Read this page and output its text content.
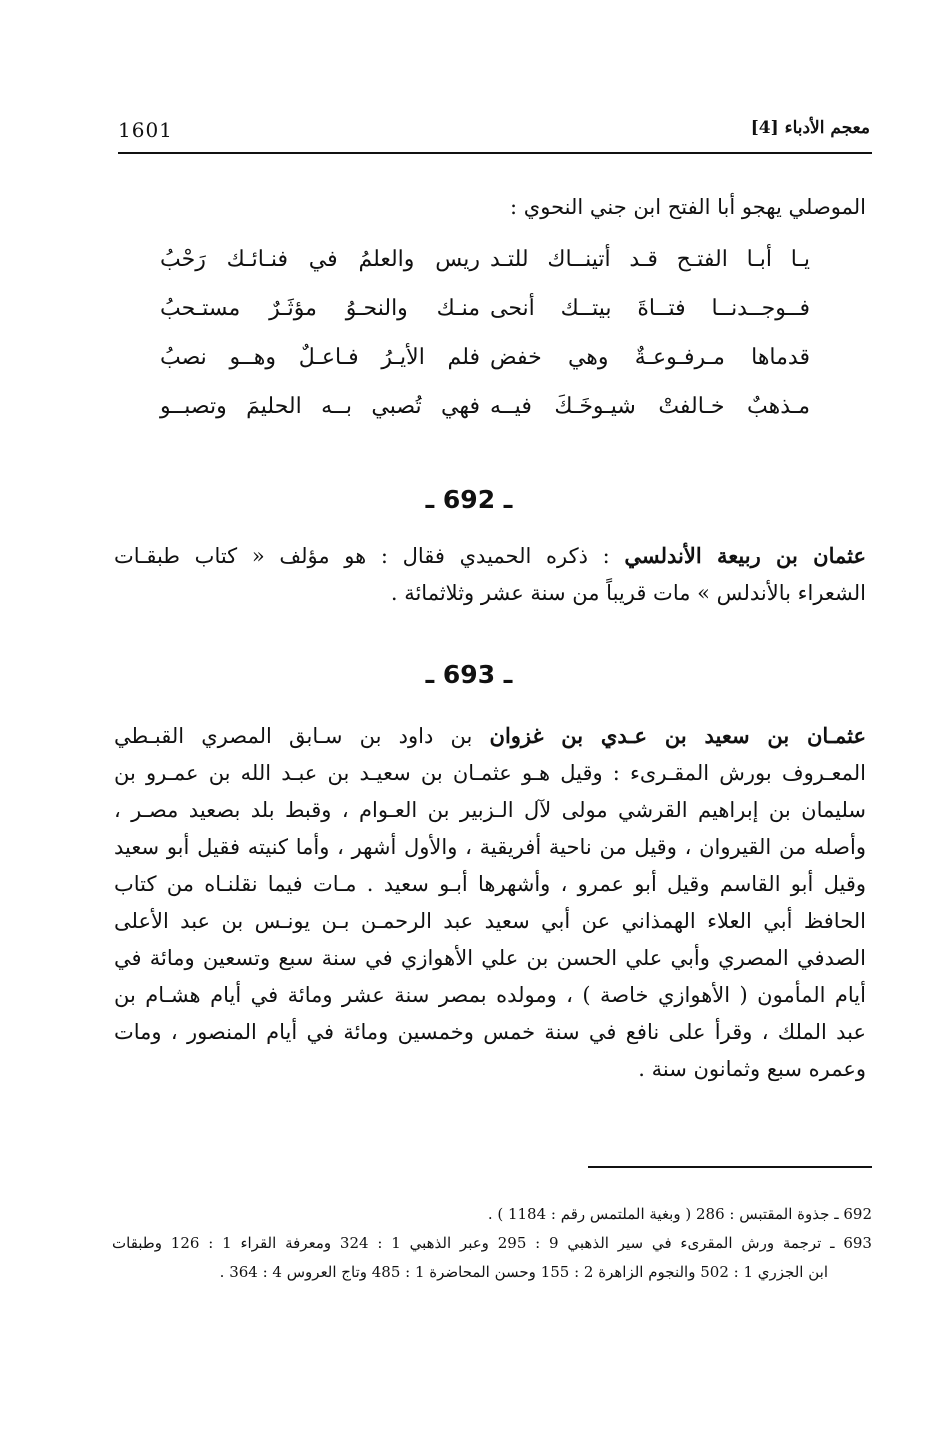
1601	معجم الأدباء [4]
الموصلي يهجو أبا الفتح ابن جني النحوي :
يـا أبـا الفتـح قـد أتينــاك للتـد
ريس والعلمُ في فنـائـك رَحْبُ
فــوجــدنــا فتــاةَ بيتــك أنحى
منـك والنحـوُ مؤثَـرٌ مستـحبُ
قدماها مـرفـوعـةٌ وهي خفض
فلم الأيـرُ فـاعـلٌ وهــو نصبُ
مـذهبٌ خـالفتْ شيـوخَـكَ فيــه
فهي تُصبي بــه الحليمَ وتصبــو
ـ 692 ـ
عثمان بن ربيعة الأندلسي : ذكره الحميدي فقال : هو مؤلف « كتاب طبقـات
الشعراء بالأندلس » مات قريباً من سنة عشر وثلاثمائة .
ـ 693 ـ
عثمـان بن سعيد بن عـدي بن غزوان بن داود بن سـابق المصري القبـطي
المعـروف بورش المقـرىء : وقيل هـو عثمـان بن سعيـد بن عبـد الله بن عمـرو بن
سليمان بن إبراهيم القرشي مولى لآل الـزبير بن العـوام ، وقبط بلد بصعيد مصـر ،
وأصله من القيروان ، وقيل من ناحية أفريقية ، والأول أشهر ، وأما كنيته فقيل أبو سعيد
وقيل أبو القاسم وقيل أبو عمرو ، وأشهرها أبـو سعيد . مـات فيما نقلنـاه من كتاب
الحافظ أبي العلاء الهمذاني عن أبي سعيد عبد الرحمـن بـن يونـس بن عبد الأعلى
الصدفي المصري وأبي علي الحسن بن علي الأهوازي في سنة سبع وتسعين ومائة في
أيام المأمون ( الأهوازي خاصة ) ، ومولده بمصر سنة عشر ومائة في أيام هشـام بن
عبد الملك ، وقرأ على نافع في سنة خمس وخمسين ومائة في أيام المنصور ، ومات
وعمره سبع وثمانون سنة .
692 ـ جذوة المقتبس : 286 ( وبغية الملتمس رقم : 1184 ) .
693 ـ ترجمة ورش المقرىء في سير الذهبي 9 : 295 وعبر الذهبي 1 : 324 ومعرفة القراء 1 : 126 وطبقات
ابن الجزري 1 : 502 والنجوم الزاهرة 2 : 155 وحسن المحاضرة 1 : 485 وتاج العروس 4 : 364 .
